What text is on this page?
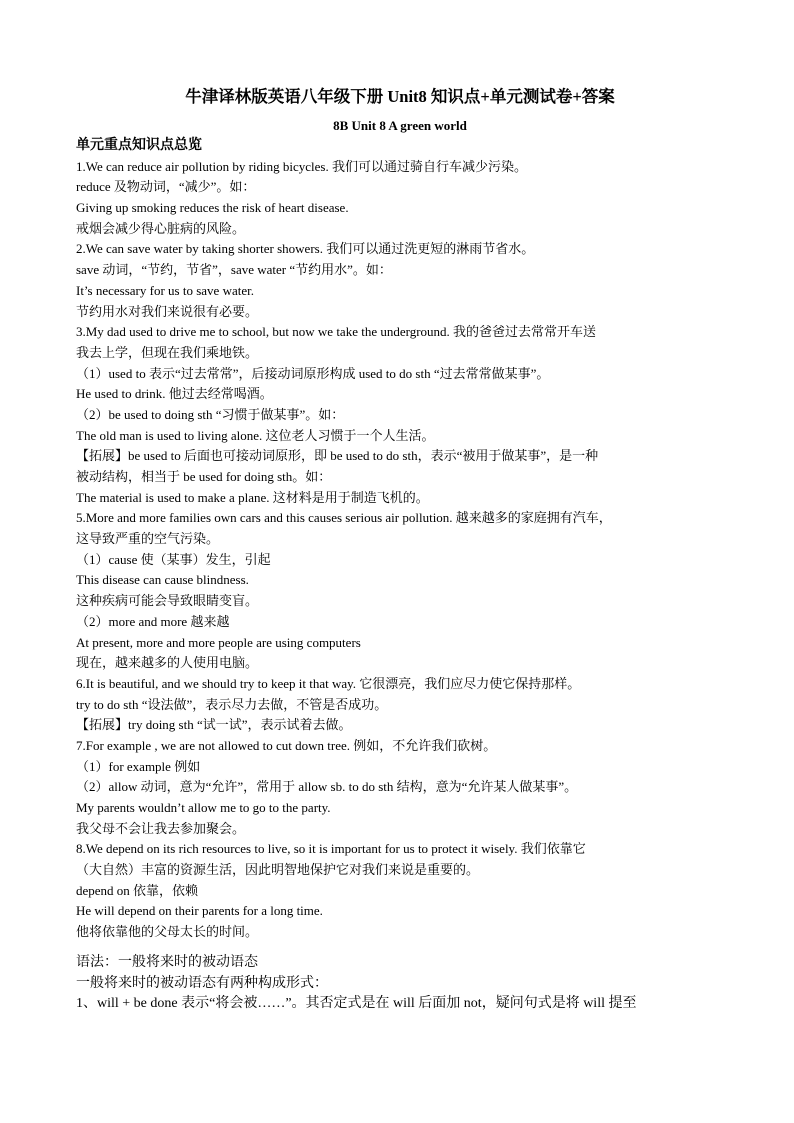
牛津译林版英语八年级下册 Unit8 知识点+单元测试卷+答案
8B Unit 8 A green world

单元重点知识点总览

1.We can reduce air pollution by riding bicycles. 我们可以通过骑自行车减少污染。

reduce 及物动词，“减少”。如：

Giving up smoking reduces the risk of heart disease.

戒烟会减少得心脏病的风险。

2.We can save water by taking shorter showers. 我们可以通过洗更短的淋雨节省水。

save 动词，“节约，节省”，save water “节约用水”。如：

It’s necessary for us to save water.

节约用水对我们来说很有必要。

3.My dad used to drive me to school, but now we take the underground. 我的爸爸过去常常开车送

我去上学，但现在我们乘地铁。

（1）used to 表示“过去常常”，后接动词原形构成 used to do sth “过去常常做某事”。

He used to drink. 他过去经常喝酒。

（2）be used to doing sth “习惯于做某事”。如：

The old man is used to living alone. 这位老人习惯于一个人生活。

【拓展】be used to 后面也可接动词原形，即 be used to do sth，表示“被用于做某事”，是一种

被动结构，相当于 be used for doing sth。如：

The material is used to make a plane. 这材料是用于制造飞机的。

5.More and more families own cars and this causes serious air pollution. 越来越多的家庭拥有汽车，

这导致严重的空气污染。

（1）cause 使（某事）发生，引起

This disease can cause blindness.

这种疾病可能会导致眼睛变盲。

（2）more and more 越来越

At present, more and more people are using computers

现在，越来越多的人使用电脑。

6.It is beautiful, and we should try to keep it that way. 它很漂亮，我们应尽力使它保持那样。

try to do sth “设法做”，表示尽力去做，不管是否成功。

【拓展】try doing sth “试一试”，表示试着去做。

7.For example , we are not allowed to cut down tree. 例如，不允许我们砍树。

（1）for example 例如

（2）allow 动词，意为“允许”，常用于 allow sb. to do sth 结构，意为“允许某人做某事”。

My parents wouldn’t allow me to go to the party.

我父母不会让我去参加聚会。

8.We depend on its rich resources to live, so it is important for us to protect it wisely. 我们依靠它

（大自然）丰富的资源生活，因此明智地保护它对我们来说是重要的。

depend on 依靠，依赖

He will depend on their parents for a long time.

他将依靠他的父母太长的时间。

语法：一般将来时的被动语态

一般将来时的被动语态有两种构成形式：

1、will + be done 表示“将会被……”。其否定式是在 will 后面加 not，疑问句式是将 will 提至
